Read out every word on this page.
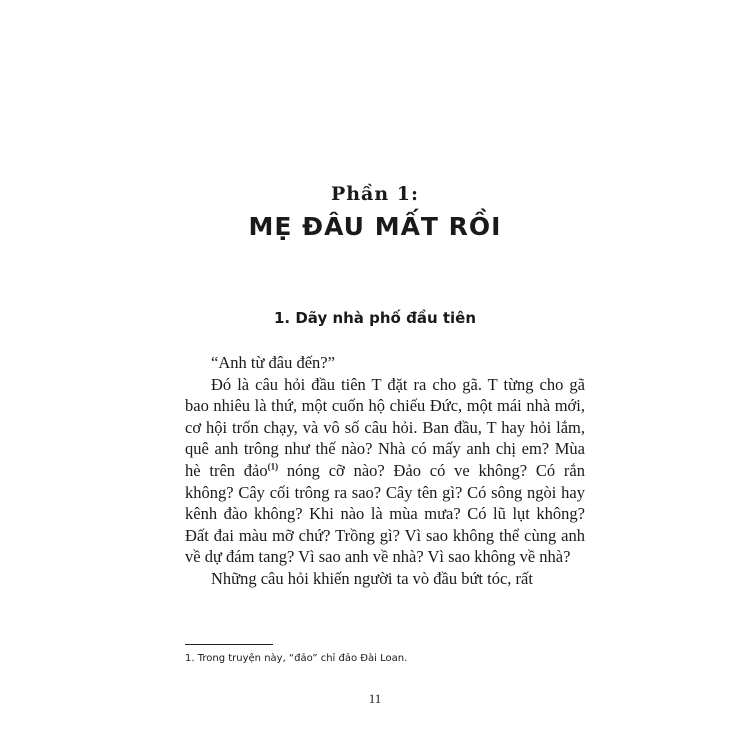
Phần 1:
MẸ ĐÂU MẤT RỒI
1. Dãy nhà phố đầu tiên

“Anh từ đâu đến?”

Đó là câu hỏi đầu tiên T đặt ra cho gã. T từng cho gã bao nhiêu là thứ, một cuốn hộ chiếu Đức, một mái nhà mới, cơ hội trốn chạy, và vô số câu hỏi. Ban đầu, T hay hỏi lắm, quê anh trông như thế nào? Nhà có mấy anh chị em? Mùa hè trên đảo$^{(1)}$ nóng cỡ nào? Đảo có ve không? Có rắn không? Cây cối trông ra sao? Cây tên gì? Có sông ngòi hay kênh đào không? Khi nào là mùa mưa? Có lũ lụt không? Đất đai màu mỡ chứ? Trồng gì? Vì sao không thể cùng anh về dự đám tang? Vì sao anh về nhà? Vì sao không về nhà?

Những câu hỏi khiến người ta vò đầu bứt tóc, rất

1. Trong truyện này, “đảo” chỉ đảo Đài Loan.
11
